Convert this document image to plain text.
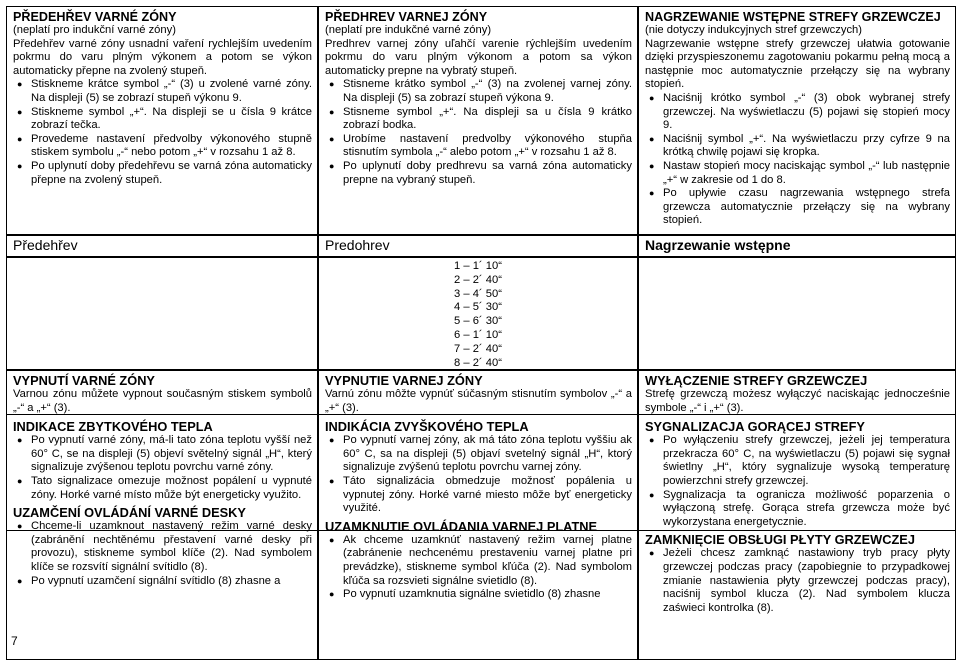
PŘEDEHŘEV VARNÉ ZÓNY

(neplatí pro indukční varné zóny)

Předehřev varné zóny usnadní vaření rychlejším uvedením pokrmu do varu plným výkonem a potom se výkon automaticky přepne na zvolený stupeň.

● Stiskneme krátce symbol „-“ (3) u zvolené varné zóny. Na displeji (5) se zobrazí stupeň výkonu 9.
● Stiskneme symbol „+“. Na displeji se u čísla 9 krátce zobrazí tečka.
● Provedeme nastavení předvolby výkonového stupně stiskem symbolu „-“ nebo potom „+“ v rozsahu 1 až 8.
● Po uplynutí doby předehřevu se varná zóna automaticky přepne na zvolený stupeň.
PŘEDHREV VARNEJ ZÓNY

(neplatí pre indukčné varné zóny)

Predhrev varnej zóny uľahčí varenie rýchlejším uvedením pokrmu do varu plným výkonom a potom sa výkon automaticky prepne na vybratý stupeň.

● Stisneme krátko symbol „-“ (3) na zvolenej varnej zóny. Na displeji (5) sa zobrazí stupeň výkona 9.
● Stisneme symbol „+“. Na displeji sa u čísla 9 krátko zobrazí bodka.
● Urobíme nastavení predvolby výkonového stupňa stisnutím symbola „-“ alebo potom „+“ v rozsahu 1 až 8.
● Po uplynutí doby predhrevu sa varná zóna automaticky prepne na vybraný stupeň.
NAGRZEWANIE WSTĘPNE STREFY GRZEWCZEJ

(nie dotyczy indukcyjnych stref grzewczych)

Nagrzewanie wstępne strefy grzewczej ułatwia gotowanie dzięki przyspieszonemu zagotowaniu pokarmu pełną mocą a następnie moc automatycznie przełączy się na wybrany stopień.

● Naciśnij krótko symbol „-“ (3) obok wybranej strefy grzewczej. Na wyświetlaczu (5) pojawi się stopień mocy 9.
● Naciśnij symbol „+“. Na wyświetlaczu przy cyfrze 9 na krótką chwilę pojawi się kropka.
● Nastaw stopień mocy naciskając symbol „-“ lub następnie „+“ w zakresie od 1 do 8.
● Po upływie czasu nagrzewania wstępnego strefa grzewcza automatycznie przełączy się na wybrany stopień.
Předehřev	Predohrev	Nagrzewanie wstępne
1 – 1´ 10“
2 – 2´ 40“
3 – 4´ 50“
4 – 5´ 30“
5 – 6´ 30“
6 – 1´ 10“
7 – 2´ 40“
8 – 2´ 40“
VYPNUTÍ VARNÉ ZÓNY

Varnou zónu můžete vypnout současným stiskem symbolů „-“ a „+“ (3).

INDIKACE ZBYTKOVÉHO TEPLA
● Po vypnutí varné zóny, má-li tato zóna teplotu vyšší než 60° C, se na displeji (5) objeví světelný signál „H“, který signalizuje zvýšenou teplotu povrchu varné zóny.
● Tato signalizace omezuje možnost popálení u vypnuté zóny. Horké varné místo může být energeticky využito.
UZAMČENÍ OVLÁDÁNÍ VARNÉ DESKY
● Chceme-li uzamknout nastavený režim varné desky (zabránění nechtěnému přestavení varné desky při provozu), stiskneme symbol klíče (2). Nad symbolem klíče se rozsvítí signální svítidlo (8).
● Po vypnutí uzamčení signální svítidlo (8) zhasne a
VYPNUTIE VARNEJ ZÓNY

Varnú zónu môžte vypnúť súčasným stisnutím symbolov „-“ a „+“ (3).

INDIKÁCIA ZVYŠKOVÉHO TEPLA
● Po vypnutí varnej zóny, ak má táto zóna teplotu vyššiu ak 60° C, sa na displeji (5) objaví svetelný signál „H“, ktorý signalizuje zvýšenú teplotu povrchu varnej zóny.
● Táto signalizácia obmedzuje možnosť popálenia u vypnutej zóny. Horké varné miesto môže byť energeticky využité.
UZAMKNUTIE OVLÁDANIA VARNEJ PLATNE
● Ak chceme uzamknúť nastavený režim varnej platne (zabránenie nechcenému prestaveniu varnej platne pri prevádzke), stiskneme symbol kľúča (2). Nad symbolom kľúča sa rozsvieti signálne svietidlo (8).
● Po vypnutí uzamknutia signálne svietidlo (8) zhasne
WYŁĄCZENIE STREFY GRZEWCZEJ

Strefę grzewczą możesz wyłączyć naciskając jednocześnie symbole „-“ i „+“ (3).

SYGNALIZACJA GORĄCEJ STREFY
● Po wyłączeniu strefy grzewczej, jeżeli jej temperatura przekracza 60° C, na wyświetlaczu (5) pojawi się sygnał świetlny „H“, który sygnalizuje wysoką temperaturę powierzchni strefy grzewczej.
● Sygnalizacja ta ogranicza możliwość poparzenia o wyłączoną strefę. Gorąca strefa grzewcza może być wykorzystana energetycznie.
ZAMKNIĘCIE OBSŁUGI PŁYTY GRZEWCZEJ
● Jeżeli chcesz zamknąć nastawiony tryb pracy płyty grzewczej podczas pracy (zapobiegnie to przypadkowej zmianie nastawienia płyty grzewczej podczas pracy), naciśnij symbol klucza (2). Nad symbolem klucza zaświeci kontrolka (8).
7
